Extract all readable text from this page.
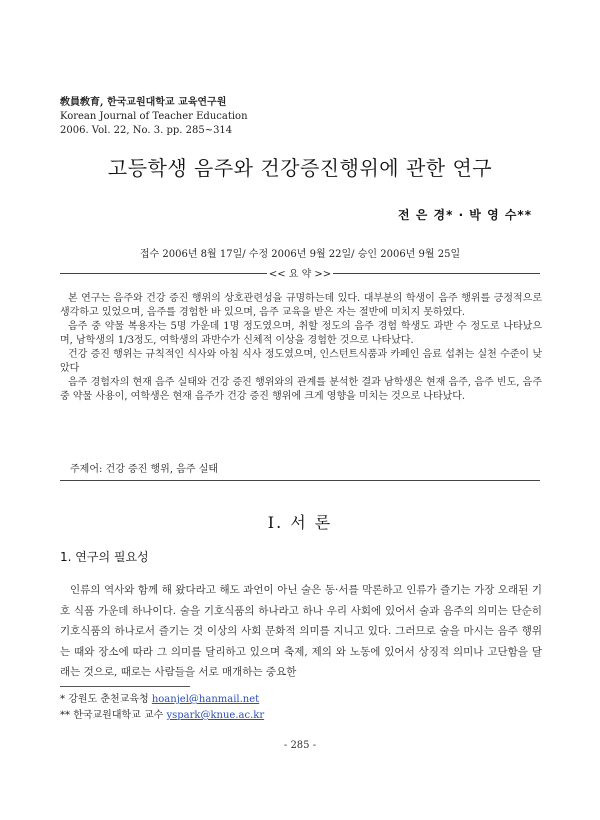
敎員敎育, 한국교원대학교 교육연구원
Korean Journal of Teacher Education
2006. Vol. 22, No. 3. pp. 285~314
고등학생 음주와 건강증진행위에 관한 연구
전 은 경* · 박 영 수**
접수 2006년 8월 17일/ 수정 2006년 9월 22일/ 승인 2006년 9월 25일
<< 요 약 >>

본 연구는 음주와 건강 증진 행위의 상호관련성을 규명하는데 있다. 대부분의 학생이 음주 행위를 긍정적으로 생각하고 있었으며, 음주를 경험한 바 있으며, 음주 교육을 받은 자는 절반에 미치지 못하였다.

음주 중 약물 복용자는 5명 가운데 1명 정도였으며, 취할 정도의 음주 경험 학생도 과반 수 정도로 나타났으며, 남학생의 1/3정도, 여학생의 과반수가 신체적 이상을 경험한 것으로 나타났다.

건강 증진 행위는 규칙적인 식사와 아침 식사 정도였으며, 인스턴트식품과 카페인 음료 섭취는 실천 수준이 낮았다

음주 경험자의 현재 음주 실태와 건강 증진 행위와의 관계를 분석한 결과 남학생은 현재 음주, 음주 빈도, 음주 중 약물 사용이, 여학생은 현재 음주가 건강 증진 행위에 크게 영향을 미치는 것으로 나타났다.

주제어: 건강 증진 행위, 음주 실태
Ⅰ. 서 론
1. 연구의 필요성

인류의 역사와 함께 해 왔다라고 해도 과언이 아닌 술은 동·서를 막론하고 인류가 즐기는 가장 오래된 기호 식품 가운데 하나이다. 술을 기호식품의 하나라고 하나 우리 사회에 있어서 술과 음주의 의미는 단순히 기호식품의 하나로서 즐기는 것 이상의 사회 문화적 의미를 지니고 있다. 그러므로 술을 마시는 음주 행위는 때와 장소에 따라 그 의미를 달리하고 있으며 축제, 제의 와 노동에 있어서 상징적 의미나 고단함을 달래는 것으로, 때로는 사람들을 서로 매개하는 중요한

* 강원도 춘천교육청 hoanjel@hanmail.net
** 한국교원대학교 교수 yspark@knue.ac.kr
- 285 -
